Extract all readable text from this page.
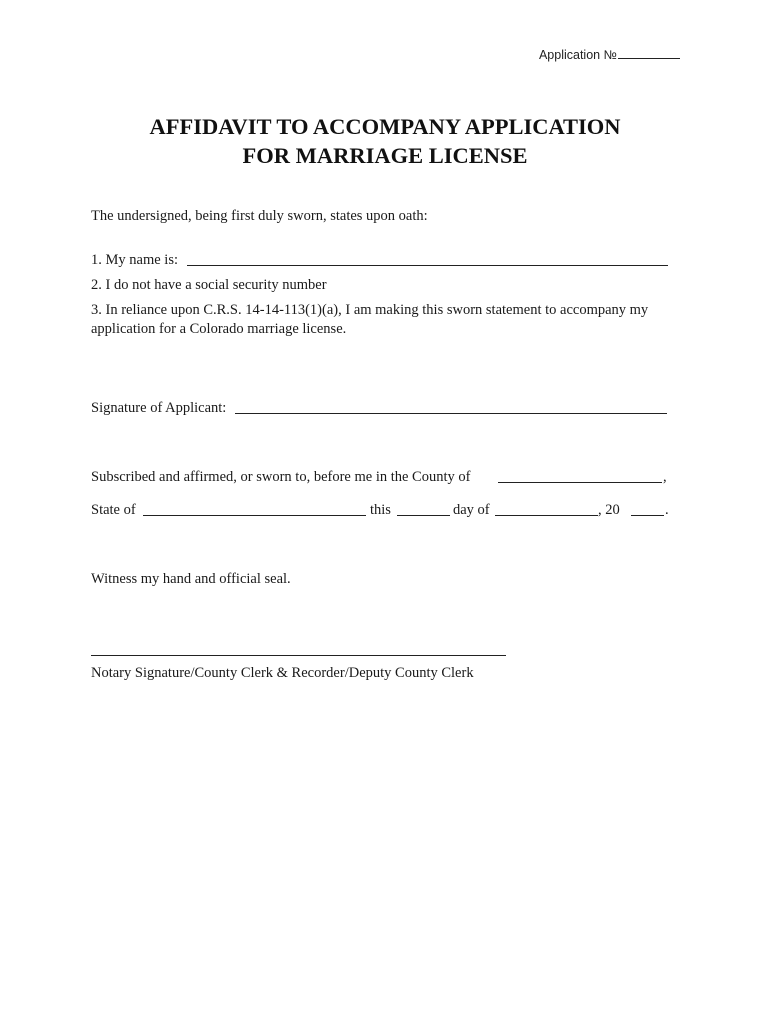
Application №
AFFIDAVIT TO ACCOMPANY APPLICATION
FOR MARRIAGE LICENSE
The undersigned, being first duly sworn, states upon oath:
1. My name is:
2. I do not have a social security number
3. In reliance upon C.R.S. 14-14-113(1)(a), I am making this sworn statement to accompany my application for a Colorado marriage license.
Signature of Applicant:
Subscribed and affirmed, or sworn to, before me in the County of	,
State of	this	day of	, 20	.
Witness my hand and official seal.
Notary Signature/County Clerk & Recorder/Deputy County Clerk
